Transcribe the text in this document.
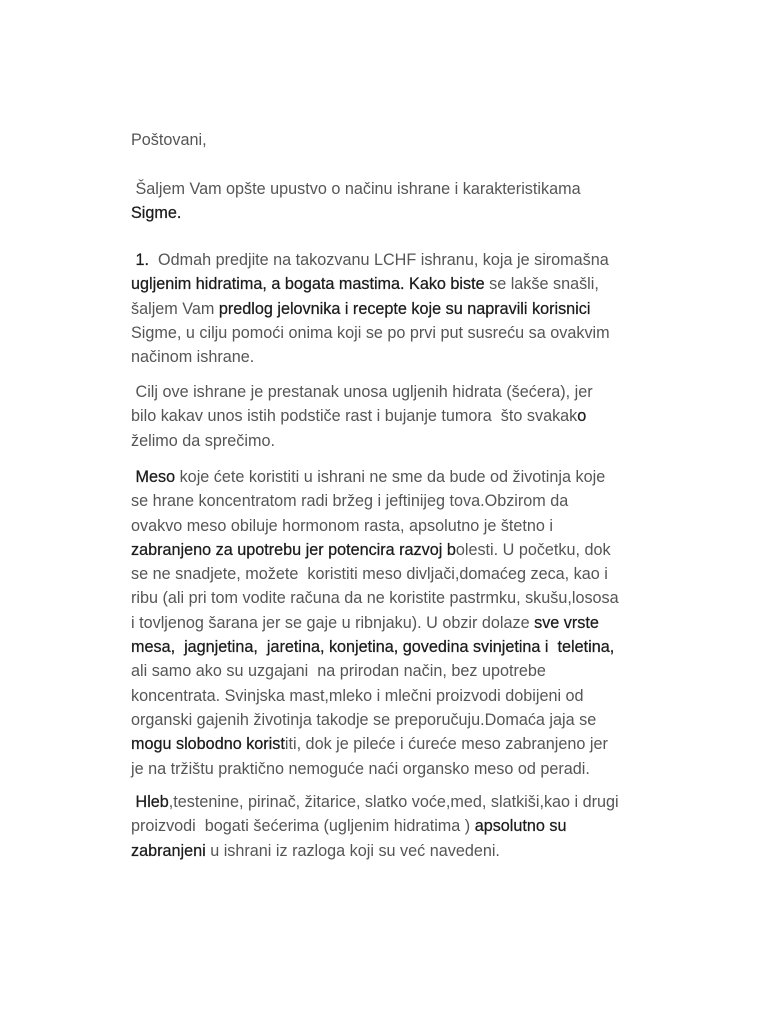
Poštovani,

Šaljem Vam opšte upustvo o načinu ishrane i karakteristikama
Sigme.
1.  Odmah predjite na takozvanu LCHF ishranu, koja je siromašna
ugljenim hidratima, a bogata mastima. Kako biste se lakše snašli,
šaljem Vam predlog jelovnika i recepte koje su napravili korisnici
Sigme, u cilju pomoći onima koji se po prvi put susreću sa ovakvim
načinom ishrane.
Cilj ove ishrane je prestanak unosa ugljenih hidrata (šećera), jer
bilo kakav unos istih podstiče rast i bujanje tumora  što svakako
želimo da sprečimo.
Meso koje ćete koristiti u ishrani ne sme da bude od životinja koje
se hrane koncentratom radi bržeg i jeftinijeg tova.Obzirom da
ovakvo meso obiluje hormonom rasta, apsolutno je štetno i
zabranjeno za upotrebu jer potencira razvoj bolesti. U početku, dok
se ne snadjete, možete  koristiti meso divljači,domaćeg zeca, kao i
ribu (ali pri tom vodite računa da ne koristite pastrmku, skušu,lososa
i tovljenog šarana jer se gaje u ribnjaku). U obzir dolaze sve vrste
mesa,  jagnjetina,  jaretina, konjetina, govedina svinjetina i  teletina,
ali samo ako su uzgajani  na prirodan način, bez upotrebe
koncentrata. Svinjska mast,mleko i mlečni proizvodi dobijeni od
organski gajenih životinja takodje se preporučuju.Domaća jaja se
mogu slobodno koristiti, dok je pileće i ćureće meso zabranjeno jer
je na tržištu praktično nemoguće naći organsko meso od peradi.
Hleb,testenine, pirinač, žitarice, slatko voće,med, slatkiši,kao i drugi
proizvodi  bogati šećerima (ugljenim hidratima ) apsolutno su
zabranjeni u ishrani iz razloga koji su već navedeni.
